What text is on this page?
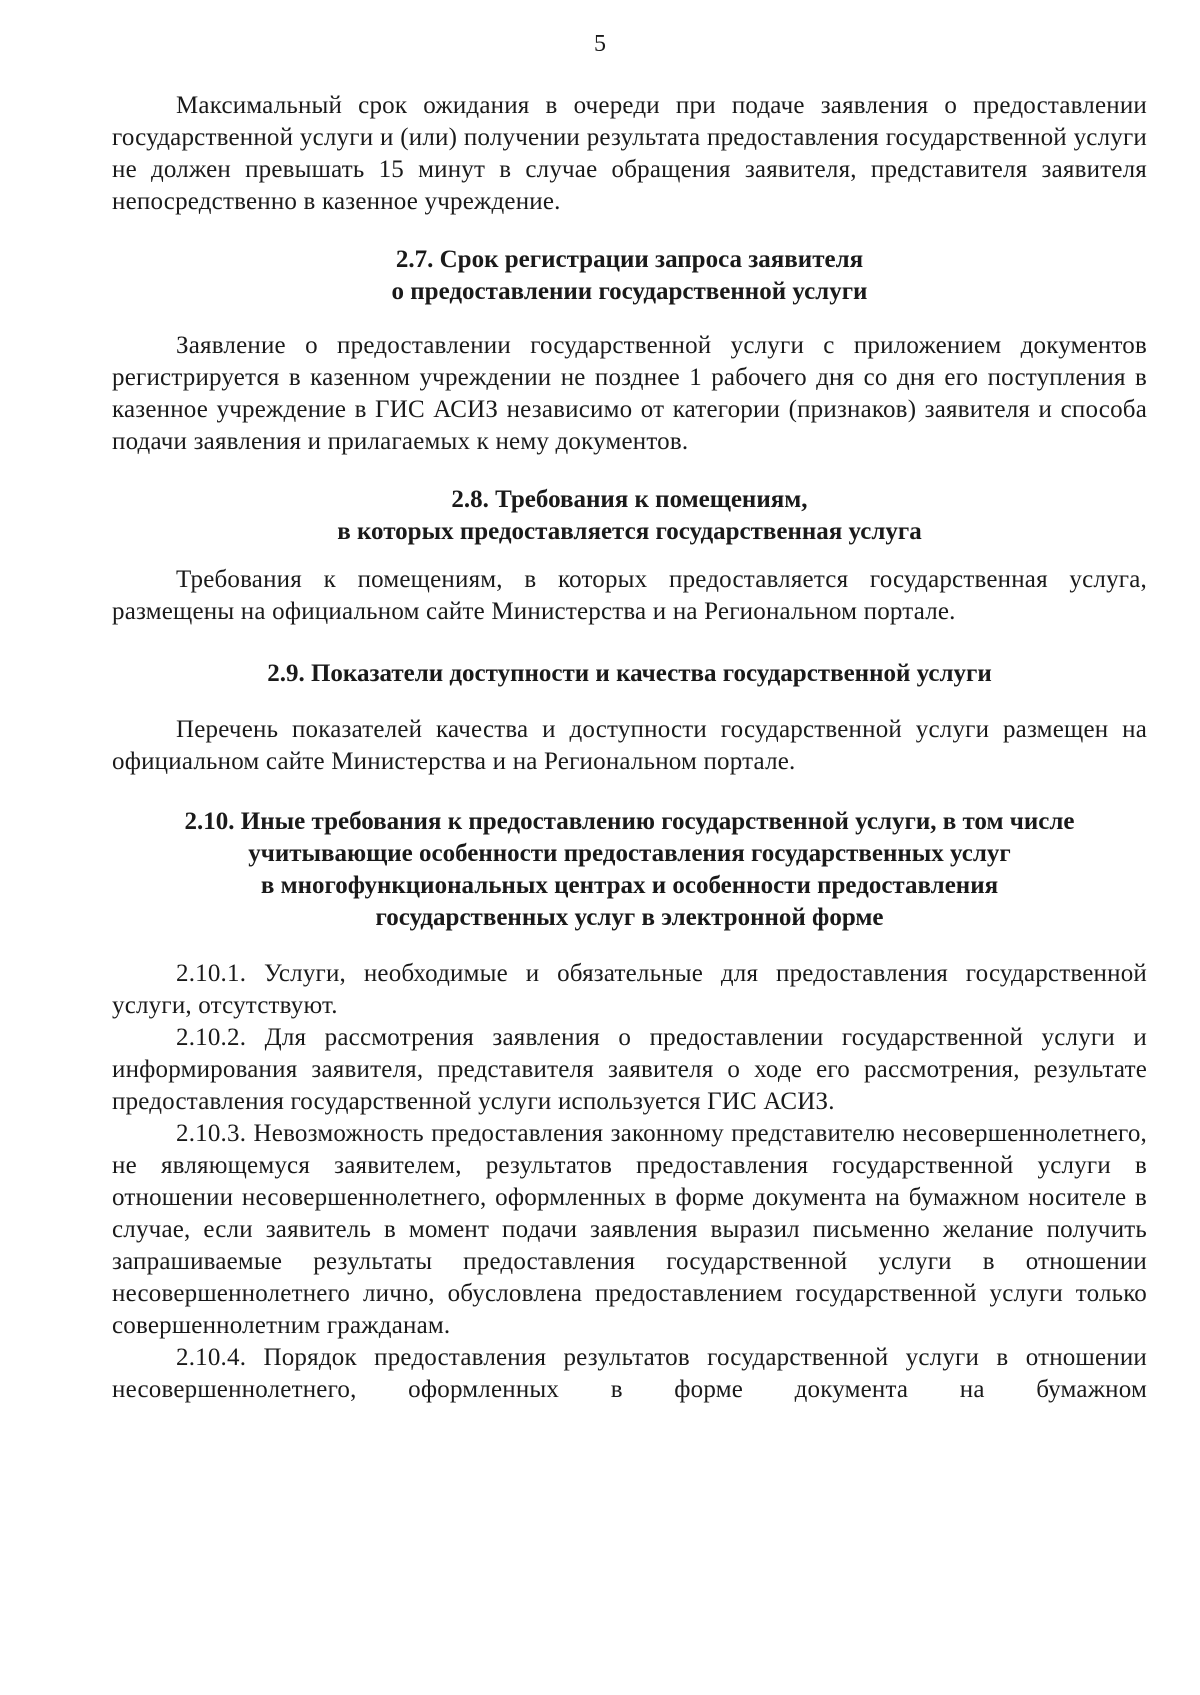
5

Максимальный срок ожидания в очереди при подаче заявления о предоставлении государственной услуги и (или) получении результата предоставления государственной услуги не должен превышать 15 минут в случае обращения заявителя, представителя заявителя непосредственно в казенное учреждение.

2.7. Срок регистрации запроса заявителя
о предоставлении государственной услуги

Заявление о предоставлении государственной услуги с приложением документов регистрируется в казенном учреждении не позднее 1 рабочего дня со дня его поступления в казенное учреждение в ГИС АСИЗ независимо от категории (признаков) заявителя и способа подачи заявления и прилагаемых к нему документов.

2.8. Требования к помещениям,
в которых предоставляется государственная услуга

Требования к помещениям, в которых предоставляется государственная услуга, размещены на официальном сайте Министерства и на Региональном портале.

2.9. Показатели доступности и качества государственной услуги

Перечень показателей качества и доступности государственной услуги размещен на официальном сайте Министерства и на Региональном портале.

2.10. Иные требования к предоставлению государственной услуги, в том числе
учитывающие особенности предоставления государственных услуг
в многофункциональных центрах и особенности предоставления
государственных услуг в электронной форме

2.10.1. Услуги, необходимые и обязательные для предоставления государственной услуги, отсутствуют.

2.10.2. Для рассмотрения заявления о предоставлении государственной услуги и информирования заявителя, представителя заявителя о ходе его рассмотрения, результате предоставления государственной услуги используется ГИС АСИЗ.

2.10.3. Невозможность предоставления законному представителю несовершеннолетнего, не являющемуся заявителем, результатов предоставления государственной услуги в отношении несовершеннолетнего, оформленных в форме документа на бумажном носителе в случае, если заявитель в момент подачи заявления выразил письменно желание получить запрашиваемые результаты предоставления государственной услуги в отношении несовершеннолетнего лично, обусловлена предоставлением государственной услуги только совершеннолетним гражданам.

2.10.4. Порядок предоставления результатов государственной услуги в отношении несовершеннолетнего, оформленных в форме документа на бумажном
